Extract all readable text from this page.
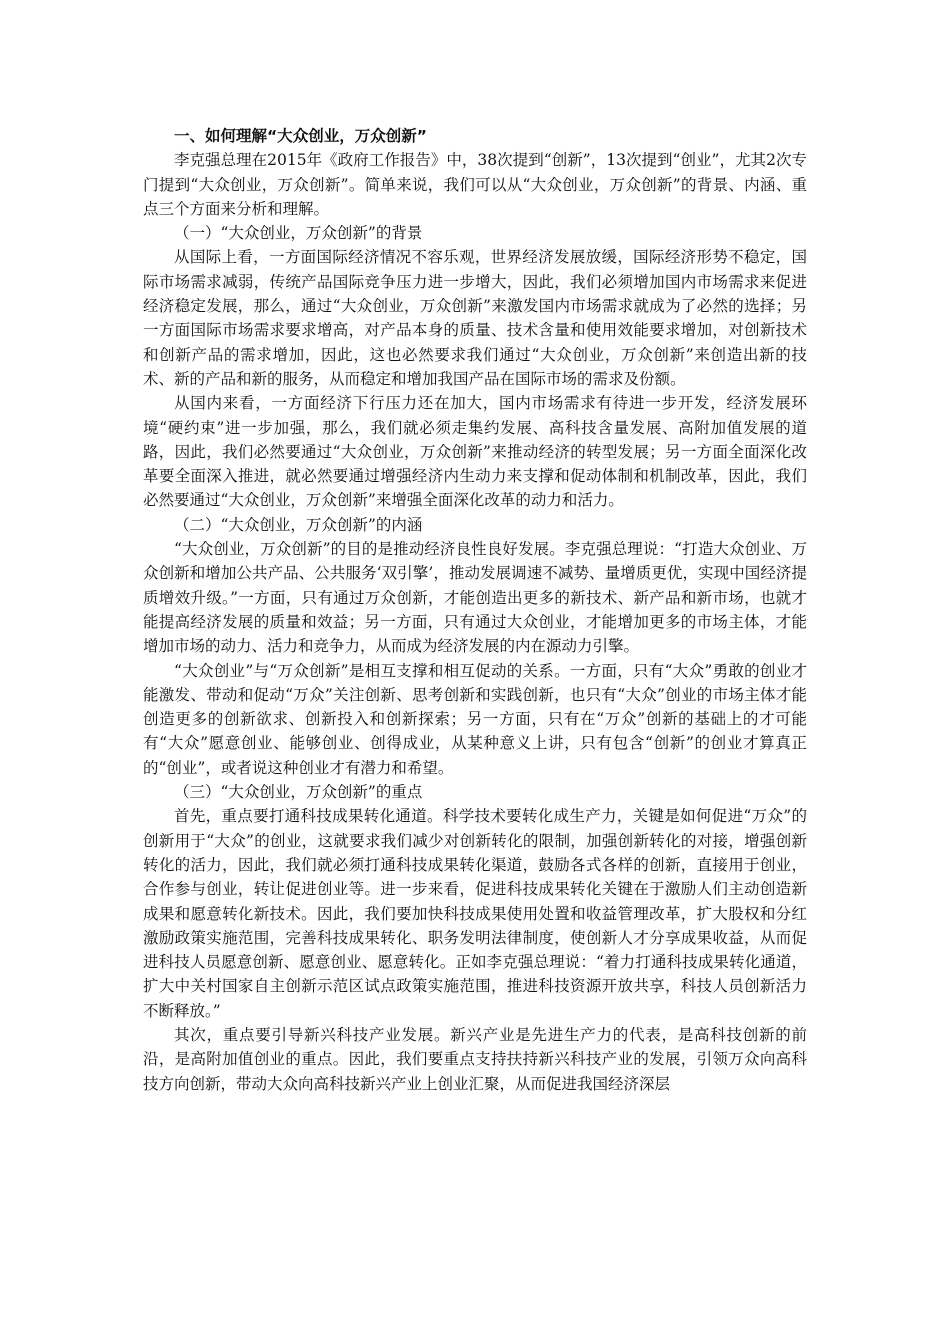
一、如何理解“大众创业，万众创新”

李克强总理在2015年《政府工作报告》中，38次提到“创新”，13次提到“创业”，尤其2次专门提到“大众创业，万众创新”。简单来说，我们可以从“大众创业，万众创新”的背景、内涵、重点三个方面来分析和理解。

（一）“大众创业，万众创新”的背景

从国际上看，一方面国际经济情况不容乐观，世界经济发展放缓，国际经济形势不稳定，国际市场需求减弱，传统产品国际竞争压力进一步增大，因此，我们必须增加国内市场需求来促进经济稳定发展，那么，通过“大众创业，万众创新”来激发国内市场需求就成为了必然的选择；另一方面国际市场需求要求增高，对产品本身的质量、技术含量和使用效能要求增加，对创新技术和创新产品的需求增加，因此，这也必然要求我们通过“大众创业，万众创新”来创造出新的技术、新的产品和新的服务，从而稳定和增加我国产品在国际市场的需求及份额。

从国内来看，一方面经济下行压力还在加大，国内市场需求有待进一步开发，经济发展环境“硬约束”进一步加强，那么，我们就必须走集约发展、高科技含量发展、高附加值发展的道路，因此，我们必然要通过“大众创业，万众创新”来推动经济的转型发展；另一方面全面深化改革要全面深入推进，就必然要通过增强经济内生动力来支撑和促动体制和机制改革，因此，我们必然要通过“大众创业，万众创新”来增强全面深化改革的动力和活力。

（二）“大众创业，万众创新”的内涵

“大众创业，万众创新”的目的是推动经济良性良好发展。李克强总理说：“打造大众创业、万众创新和增加公共产品、公共服务‘双引擎’，推动发展调速不减势、量增质更优，实现中国经济提质增效升级。”一方面，只有通过万众创新，才能创造出更多的新技术、新产品和新市场，也就才能提高经济发展的质量和效益；另一方面，只有通过大众创业，才能增加更多的市场主体，才能增加市场的动力、活力和竞争力，从而成为经济发展的内在源动力引擎。

“大众创业”与“万众创新”是相互支撑和相互促动的关系。一方面，只有“大众”勇敢的创业才能激发、带动和促动“万众”关注创新、思考创新和实践创新，也只有“大众”创业的市场主体才能创造更多的创新欲求、创新投入和创新探索；另一方面，只有在“万众”创新的基础上的才可能有“大众”愿意创业、能够创业、创得成业，从某种意义上讲，只有包含“创新”的创业才算真正的“创业”，或者说这种创业才有潜力和希望。

（三）“大众创业，万众创新”的重点

首先，重点要打通科技成果转化通道。科学技术要转化成生产力，关键是如何促进“万众”的创新用于“大众”的创业，这就要求我们减少对创新转化的限制，加强创新转化的对接，增强创新转化的活力，因此，我们就必须打通科技成果转化渠道，鼓励各式各样的创新，直接用于创业，合作参与创业，转让促进创业等。进一步来看，促进科技成果转化关键在于激励人们主动创造新成果和愿意转化新技术。因此，我们要加快科技成果使用处置和收益管理改革，扩大股权和分红激励政策实施范围，完善科技成果转化、职务发明法律制度，使创新人才分享成果收益，从而促进科技人员愿意创新、愿意创业、愿意转化。正如李克强总理说：“着力打通科技成果转化通道，扩大中关村国家自主创新示范区试点政策实施范围，推进科技资源开放共享，科技人员创新活力不断释放。”

其次，重点要引导新兴科技产业发展。新兴产业是先进生产力的代表，是高科技创新的前沿，是高附加值创业的重点。因此，我们要重点支持扶持新兴科技产业的发展，引领万众向高科技方向创新，带动大众向高科技新兴产业上创业汇聚，从而促进我国经济深层
